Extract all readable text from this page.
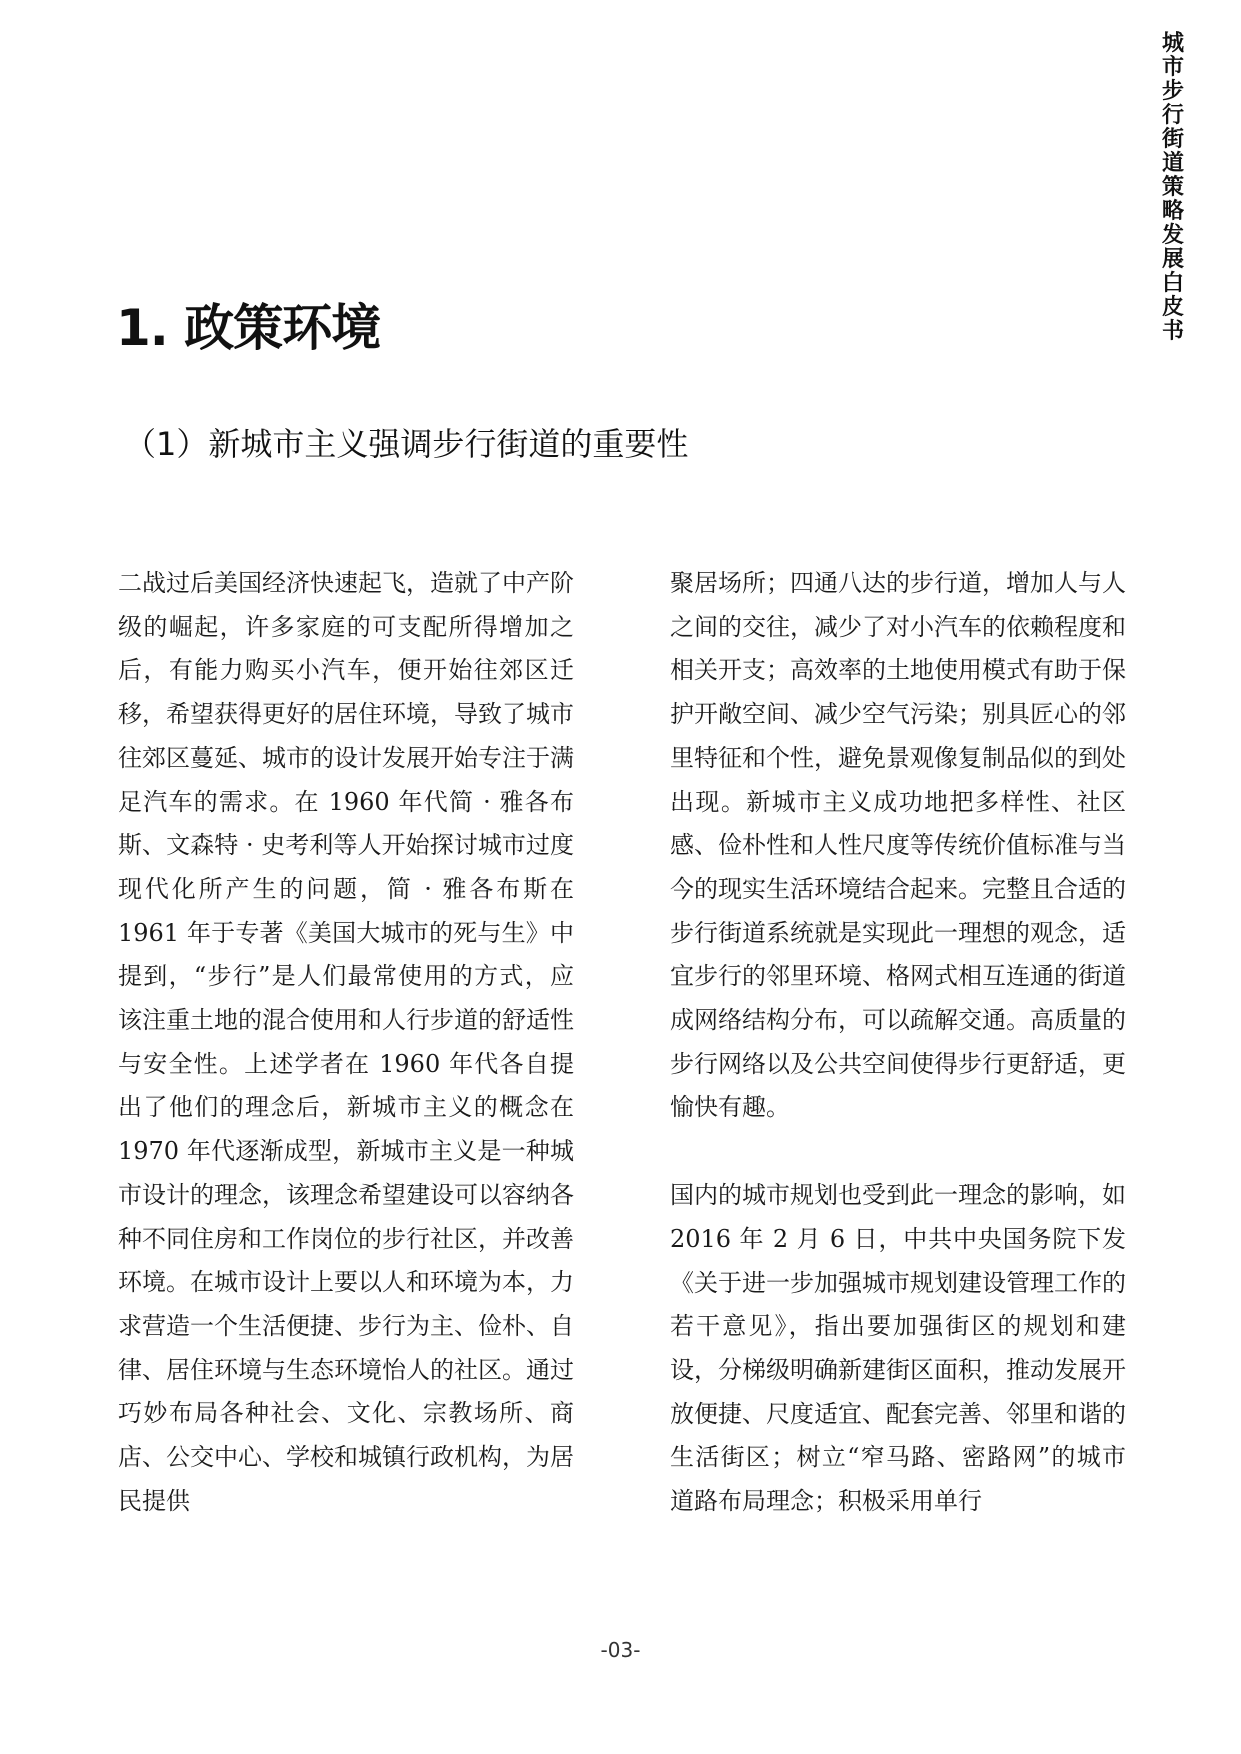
城市步行街道策略发展白皮书
1. 政策环境
（1）新城市主义强调步行街道的重要性

二战过后美国经济快速起飞，造就了中产阶级的崛起，许多家庭的可支配所得增加之后，有能力购买小汽车，便开始往郊区迁移，希望获得更好的居住环境，导致了城市往郊区蔓延、城市的设计发展开始专注于满足汽车的需求。在 1960 年代简 · 雅各布斯、文森特 · 史考利等人开始探讨城市过度现代化所产生的问题，简 · 雅各布斯在 1961 年于专著《美国大城市的死与生》中提到，“步行”是人们最常使用的方式，应该注重土地的混合使用和人行步道的舒适性与安全性。上述学者在 1960 年代各自提出了他们的理念后，新城市主义的概念在 1970 年代逐渐成型，新城市主义是一种城市设计的理念，该理念希望建设可以容纳各种不同住房和工作岗位的步行社区，并改善环境。在城市设计上要以人和环境为本，力求营造一个生活便捷、步行为主、俭朴、自律、居住环境与生态环境怡人的社区。通过巧妙布局各种社会、文化、宗教场所、商店、公交中心、学校和城镇行政机构，为居民提供

聚居场所；四通八达的步行道，增加人与人之间的交往，减少了对小汽车的依赖程度和相关开支；高效率的土地使用模式有助于保护开敞空间、减少空气污染；别具匠心的邻里特征和个性，避免景观像复制品似的到处出现。新城市主义成功地把多样性、社区感、俭朴性和人性尺度等传统价值标准与当今的现实生活环境结合起来。完整且合适的步行街道系统就是实现此一理想的观念，适宜步行的邻里环境、格网式相互连通的街道成网络结构分布，可以疏解交通。高质量的步行网络以及公共空间使得步行更舒适，更愉快有趣。

国内的城市规划也受到此一理念的影响，如 2016 年 2 月 6 日，中共中央国务院下发《关于进一步加强城市规划建设管理工作的若干意见》，指出要加强街区的规划和建设，分梯级明确新建街区面积，推动发展开放便捷、尺度适宜、配套完善、邻里和谐的生活街区；树立“窄马路、密路网”的城市道路布局理念；积极采用单行

-03-
